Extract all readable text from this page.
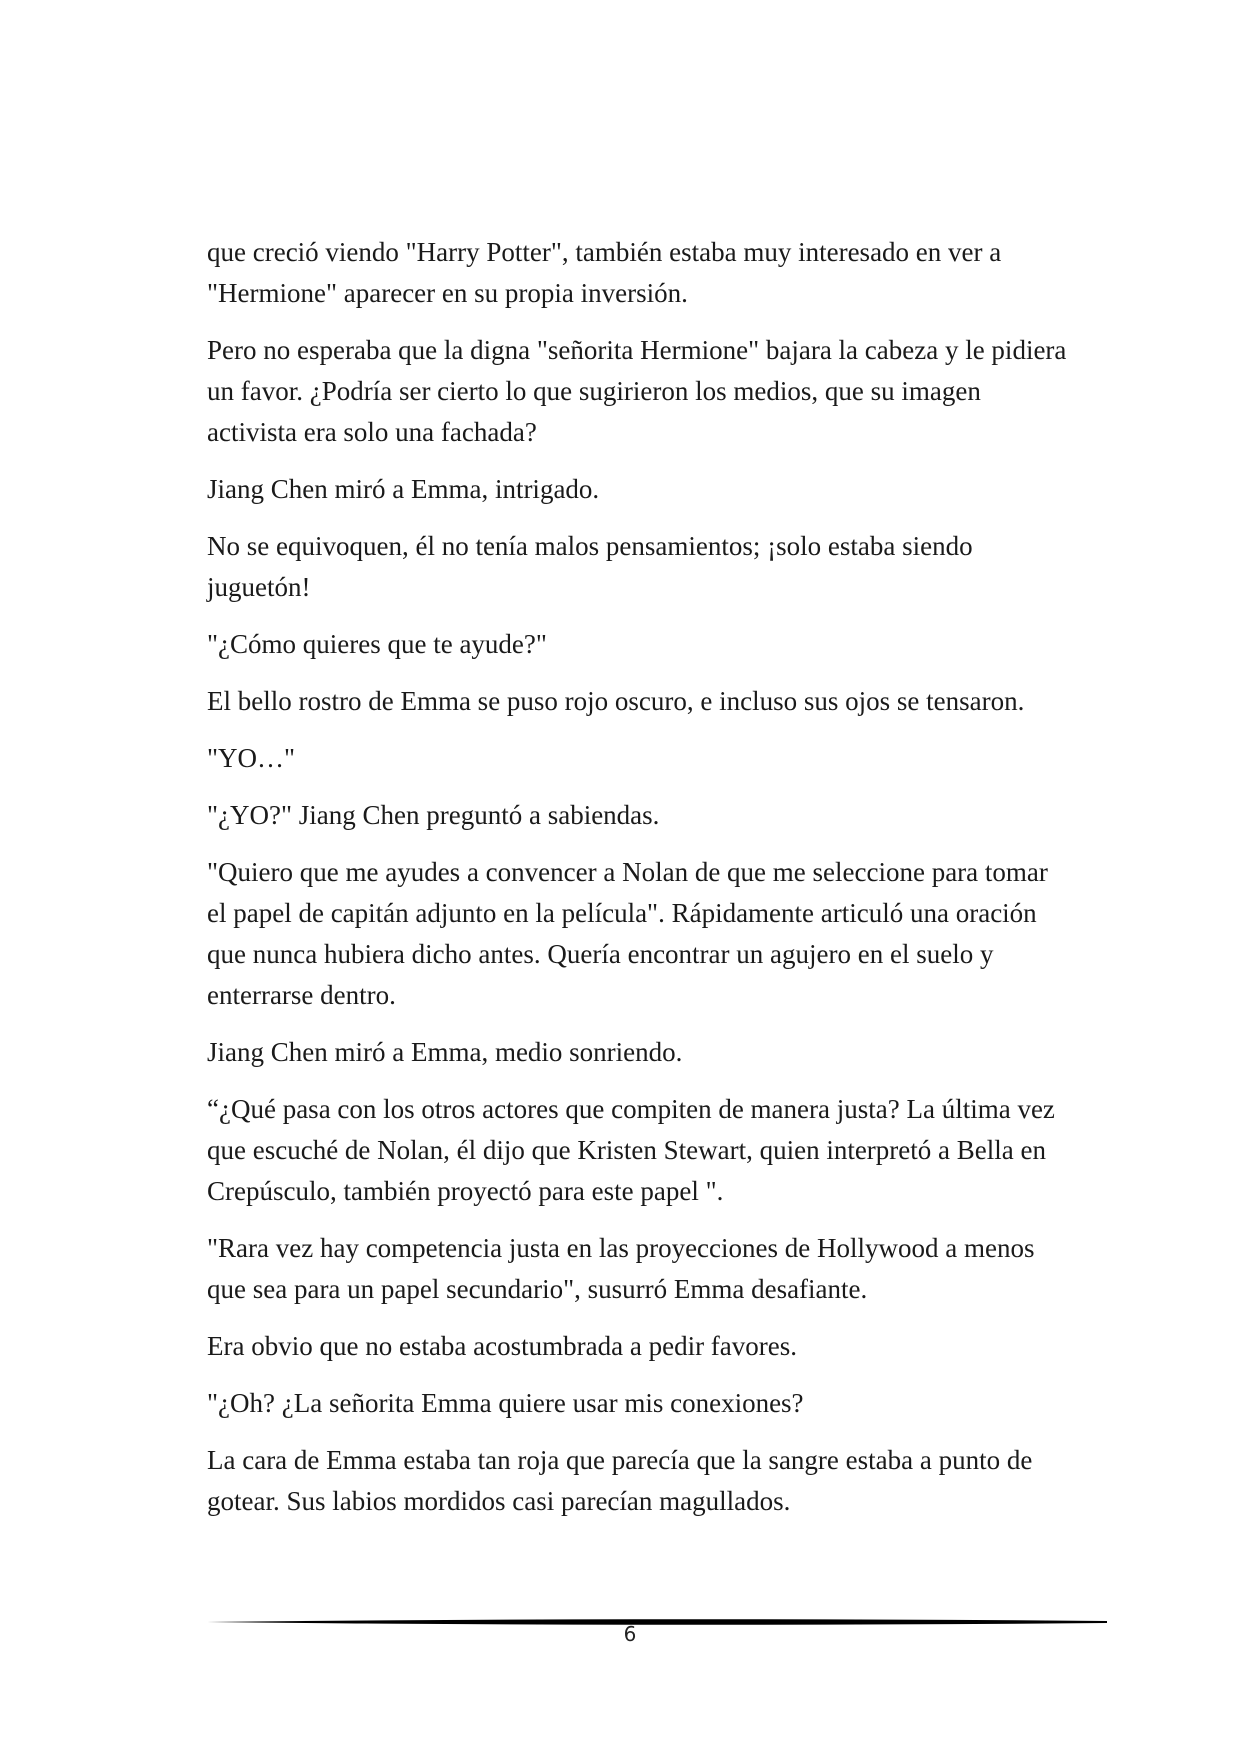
que creció viendo "Harry Potter", también estaba muy interesado en ver a "Hermione" aparecer en su propia inversión.

Pero no esperaba que la digna "señorita Hermione" bajara la cabeza y le pidiera un favor. ¿Podría ser cierto lo que sugirieron los medios, que su imagen activista era solo una fachada?

Jiang Chen miró a Emma, intrigado.

No se equivoquen, él no tenía malos pensamientos; ¡solo estaba siendo juguetón!

"¿Cómo quieres que te ayude?"

El bello rostro de Emma se puso rojo oscuro, e incluso sus ojos se tensaron.

"YO…"

"¿YO?" Jiang Chen preguntó a sabiendas.

"Quiero que me ayudes a convencer a Nolan de que me seleccione para tomar el papel de capitán adjunto en la película". Rápidamente articuló una oración que nunca hubiera dicho antes. Quería encontrar un agujero en el suelo y enterrarse dentro.

Jiang Chen miró a Emma, medio sonriendo.

“¿Qué pasa con los otros actores que compiten de manera justa? La última vez que escuché de Nolan, él dijo que Kristen Stewart, quien interpretó a Bella en Crepúsculo, también proyectó para este papel ".

"Rara vez hay competencia justa en las proyecciones de Hollywood a menos que sea para un papel secundario", susurró Emma desafiante.

Era obvio que no estaba acostumbrada a pedir favores.

"¿Oh? ¿La señorita Emma quiere usar mis conexiones?

La cara de Emma estaba tan roja que parecía que la sangre estaba a punto de gotear. Sus labios mordidos casi parecían magullados.

6
